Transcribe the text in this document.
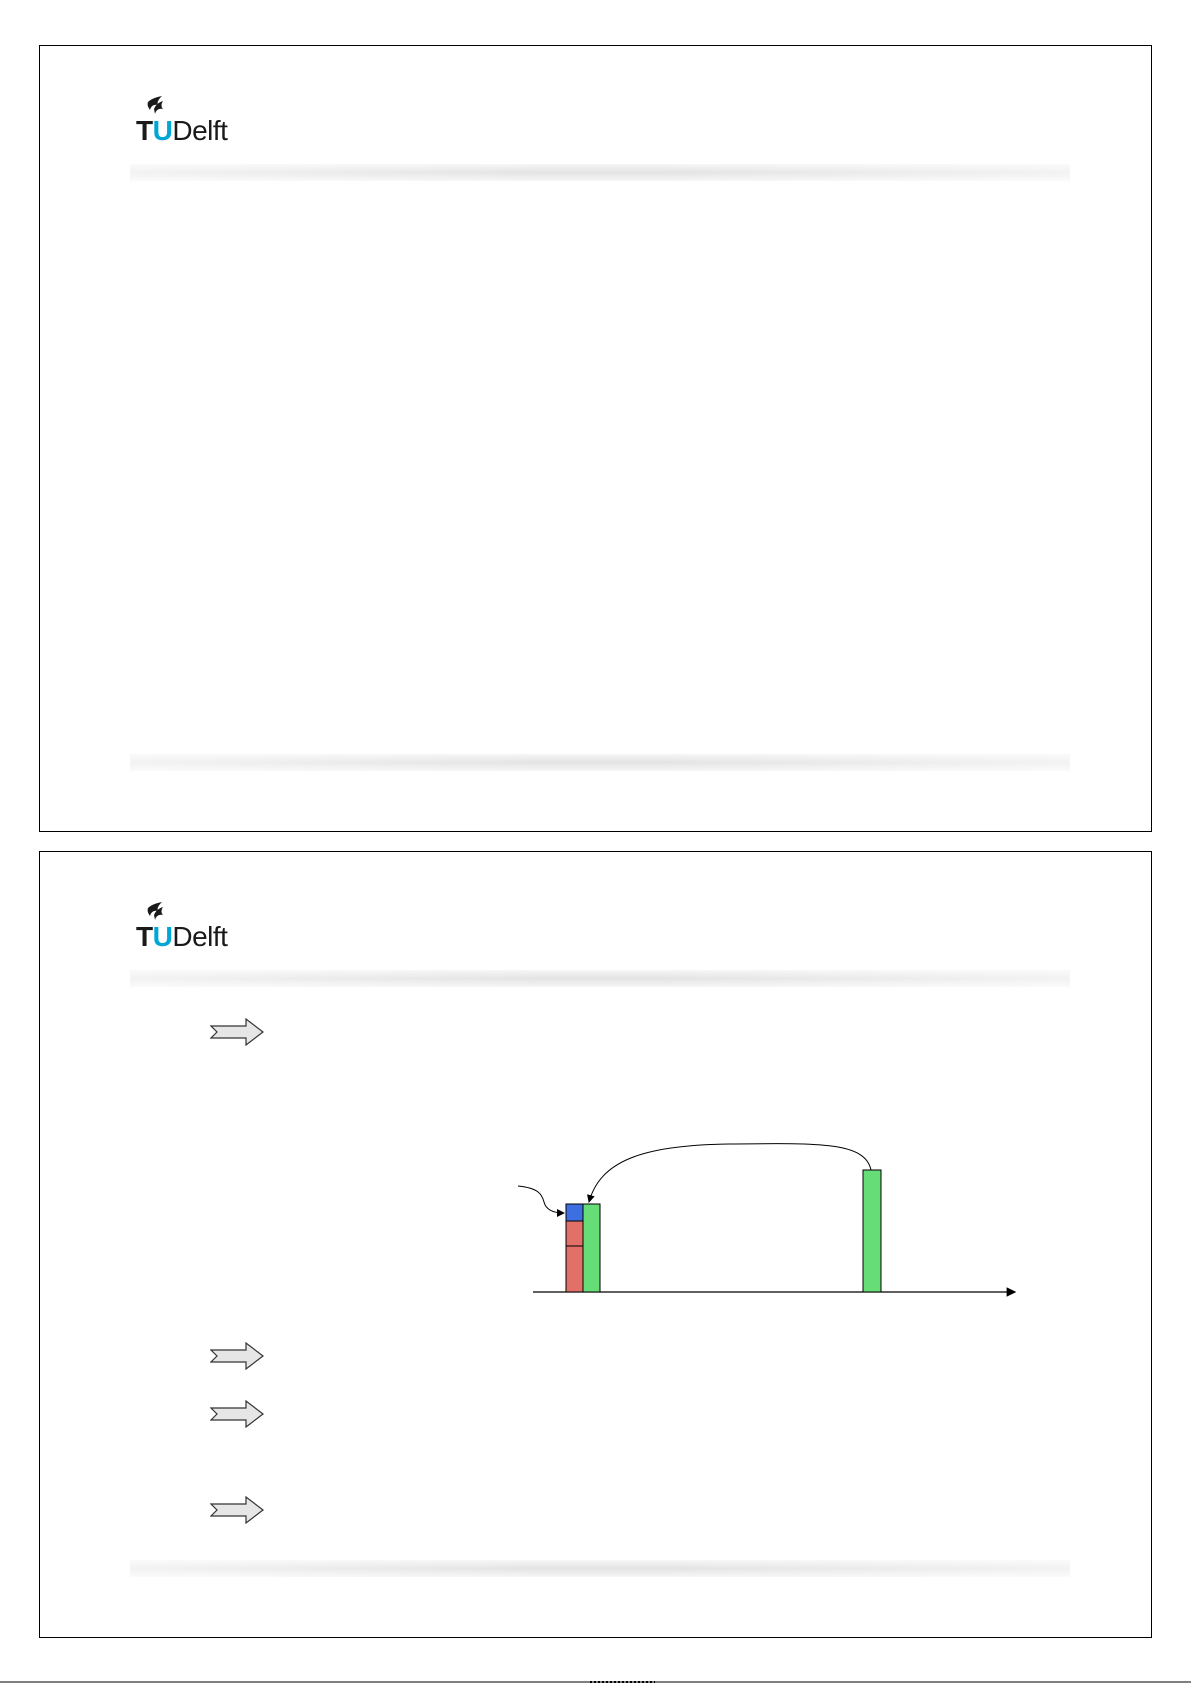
TUDelft
TUDelft
